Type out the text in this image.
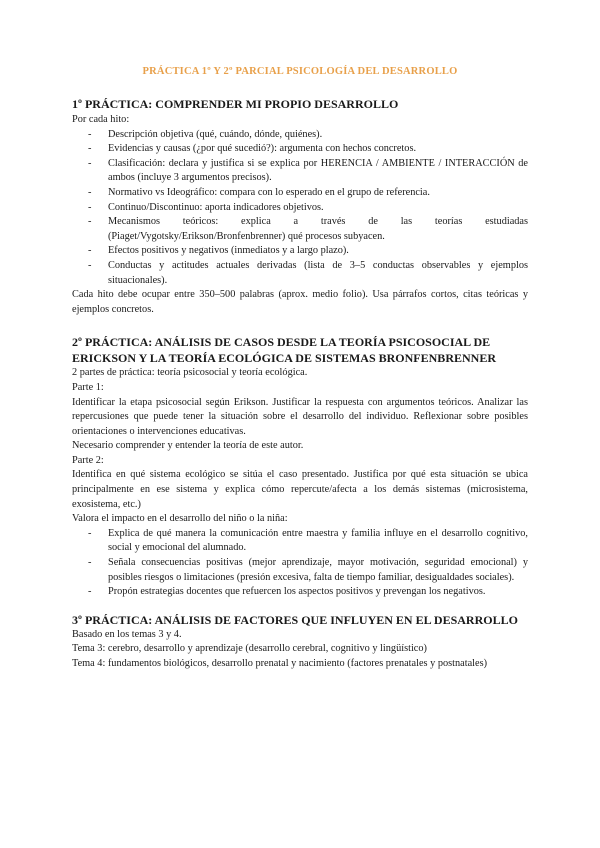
PRÁCTICA 1º Y 2º PARCIAL PSICOLOGÍA DEL DESARROLLO
1º PRÁCTICA: COMPRENDER MI PROPIO DESARROLLO
Por cada hito:
- Descripción objetiva (qué, cuándo, dónde, quiénes).
- Evidencias y causas (¿por qué sucedió?): argumenta con hechos concretos.
- Clasificación: declara y justifica si se explica por HERENCIA / AMBIENTE / INTERACCIÓN de ambos (incluye 3 argumentos precisos).
- Normativo vs Ideográfico: compara con lo esperado en el grupo de referencia.
- Continuo/Discontinuo: aporta indicadores objetivos.
- Mecanismos teóricos: explica a través de las teorías estudiadas (Piaget/Vygotsky/Erikson/Bronfenbrenner) qué procesos subyacen.
- Efectos positivos y negativos (inmediatos y a largo plazo).
- Conductas y actitudes actuales derivadas (lista de 3–5 conductas observables y ejemplos situacionales).
Cada hito debe ocupar entre 350–500 palabras (aprox. medio folio). Usa párrafos cortos, citas teóricas y ejemplos concretos.
2º PRÁCTICA: ANÁLISIS DE CASOS DESDE LA TEORÍA PSICOSOCIAL DE ERICKSON Y LA TEORÍA ECOLÓGICA DE SISTEMAS BRONFENBRENNER
2 partes de práctica: teoría psicosocial y teoría ecológica.
Parte 1:
Identificar la etapa psicosocial según Erikson. Justificar la respuesta con argumentos teóricos. Analizar las repercusiones que puede tener la situación sobre el desarrollo del individuo. Reflexionar sobre posibles orientaciones o intervenciones educativas.
Necesario comprender y entender la teoría de este autor.
Parte 2:
Identifica en qué sistema ecológico se sitúa el caso presentado. Justifica por qué esta situación se ubica principalmente en ese sistema y explica cómo repercute/afecta a los demás sistemas (microsistema, exosistema, etc.)
Valora el impacto en el desarrollo del niño o la niña:
- Explica de qué manera la comunicación entre maestra y familia influye en el desarrollo cognitivo, social y emocional del alumnado.
- Señala consecuencias positivas (mejor aprendizaje, mayor motivación, seguridad emocional) y posibles riesgos o limitaciones (presión excesiva, falta de tiempo familiar, desigualdades sociales).
- Propón estrategias docentes que refuercen los aspectos positivos y prevengan los negativos.
3º PRÁCTICA: ANÁLISIS DE FACTORES QUE INFLUYEN EN EL DESARROLLO
Basado en los temas 3 y 4.
Tema 3: cerebro, desarrollo y aprendizaje (desarrollo cerebral, cognitivo y lingüístico)
Tema 4: fundamentos biológicos, desarrollo prenatal y nacimiento (factores prenatales y postnatales)
